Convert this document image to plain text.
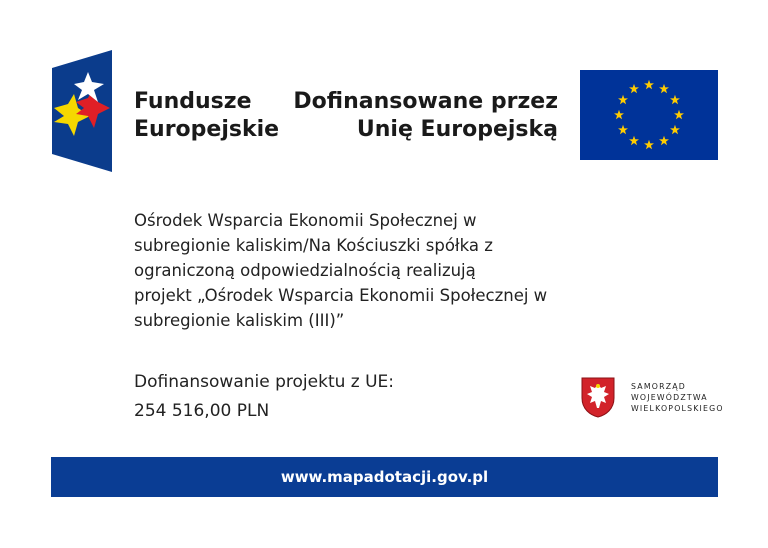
Fundusze
Europejskie
Dofinansowane przez
Unię Europejską
Ośrodek Wsparcia Ekonomii Społecznej w
subregionie kaliskim/Na Kościuszki spółka z
ograniczoną odpowiedzialnością realizują
projekt „Ośrodek Wsparcia Ekonomii Społecznej w
subregionie kaliskim (III)”
Dofinansowanie projektu z UE:
254 516,00 PLN
SAMORZĄD
WOJEWÓDZTWA
WIELKOPOLSKIEGO
www.mapadotacji.gov.pl
